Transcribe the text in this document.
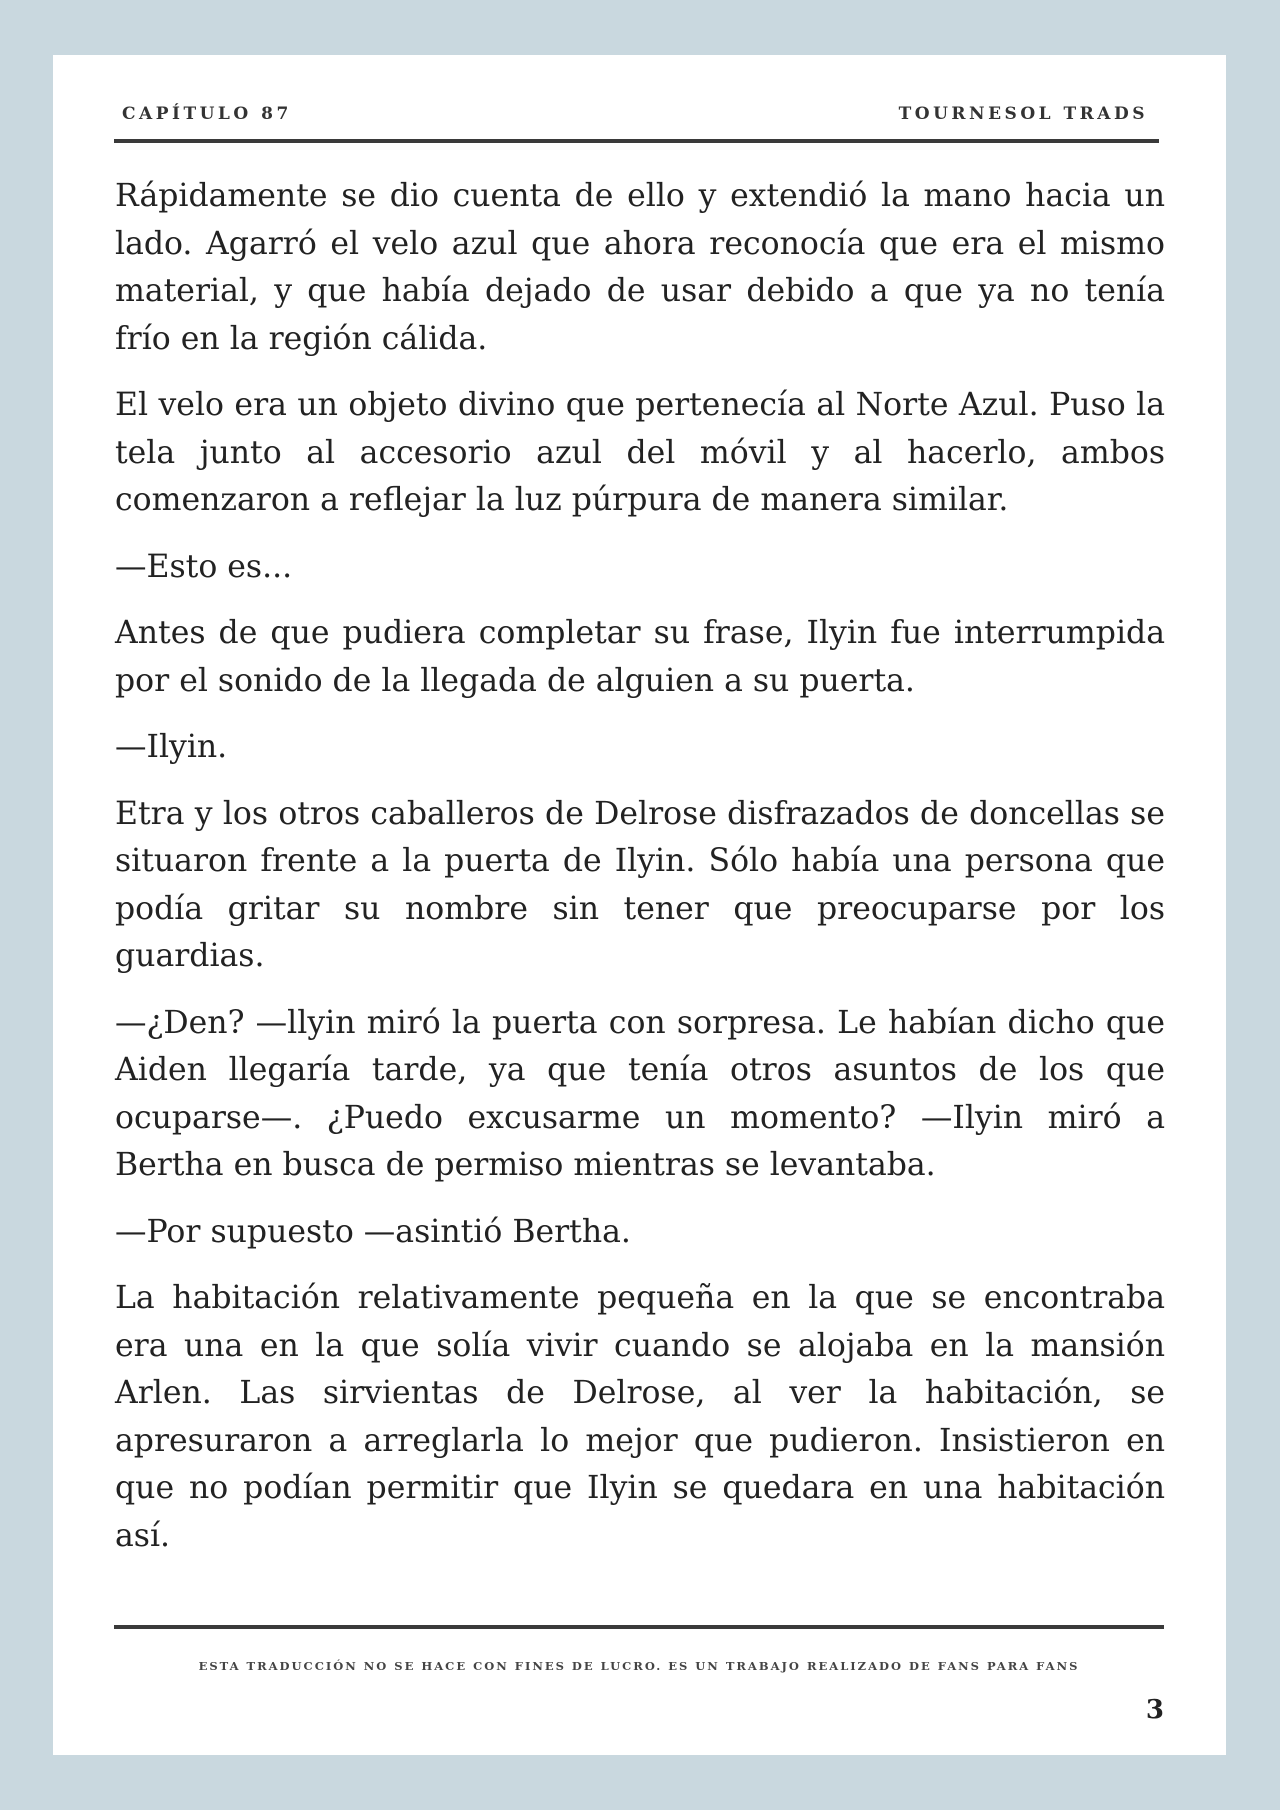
CAPÍTULO 87	TOURNESOL TRADS

Rápidamente se dio cuenta de ello y extendió la mano hacia un lado. Agarró el velo azul que ahora reconocía que era el mismo material, y que había dejado de usar debido a que ya no tenía frío en la región cálida.

El velo era un objeto divino que pertenecía al Norte Azul. Puso la tela junto al accesorio azul del móvil y al hacerlo, ambos comenzaron a reflejar la luz púrpura de manera similar.

—Esto es...

Antes de que pudiera completar su frase, Ilyin fue interrumpida por el sonido de la llegada de alguien a su puerta.

—Ilyin.

Etra y los otros caballeros de Delrose disfrazados de doncellas se situaron frente a la puerta de Ilyin. Sólo había una persona que podía gritar su nombre sin tener que preocuparse por los guardias.

—¿Den? —llyin miró la puerta con sorpresa. Le habían dicho que Aiden llegaría tarde, ya que tenía otros asuntos de los que ocuparse—. ¿Puedo excusarme un momento? —Ilyin miró a Bertha en busca de permiso mientras se levantaba.

—Por supuesto —asintió Bertha.

La habitación relativamente pequeña en la que se encontraba era una en la que solía vivir cuando se alojaba en la mansión Arlen. Las sirvientas de Delrose, al ver la habitación, se apresuraron a arreglarla lo mejor que pudieron. Insistieron en que no podían permitir que Ilyin se quedara en una habitación así.

ESTA TRADUCCIÓN NO SE HACE CON FINES DE LUCRO. ES UN TRABAJO REALIZADO DE FANS PARA FANS
3
